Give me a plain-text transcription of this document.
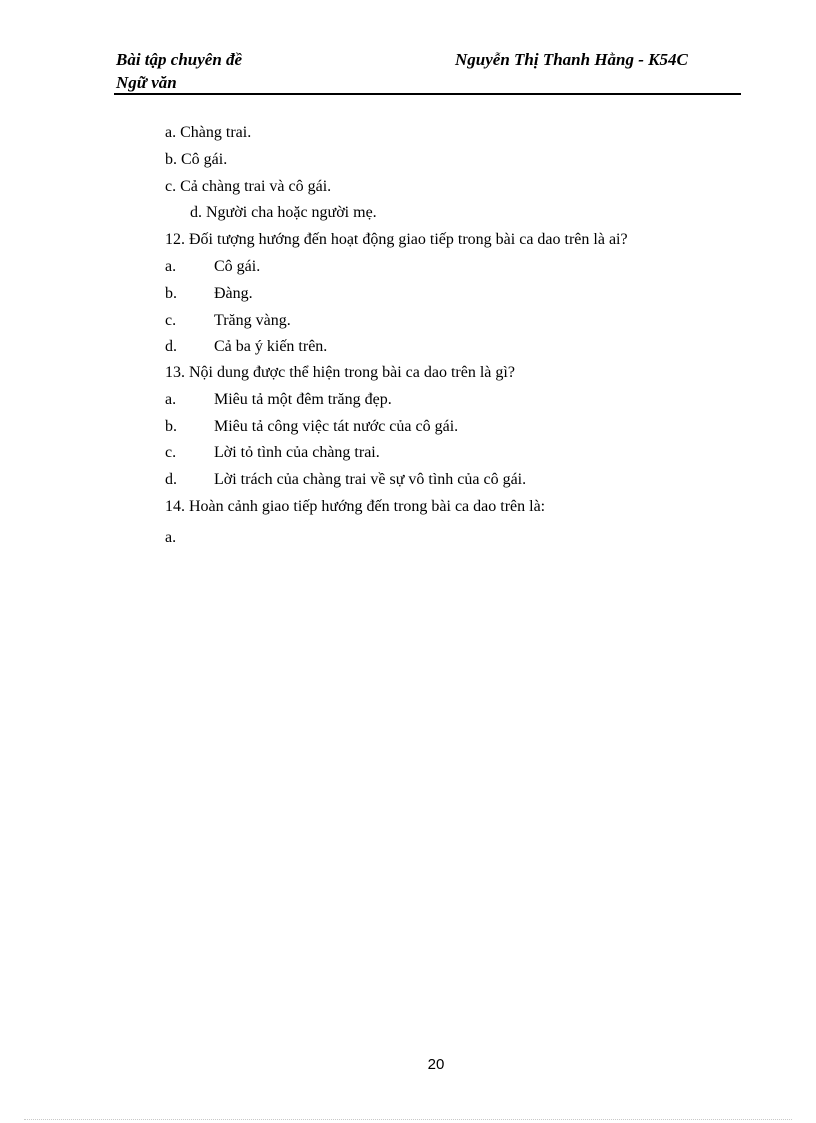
Bài tập chuyên đề
Ngữ văn
Nguyễn Thị Thanh Hằng - K54C
a. Chàng trai.
b. Cô gái.
c. Cả chàng trai và cô gái.
d. Người cha hoặc người mẹ.
12. Đối tượng hướng đến hoạt động giao tiếp trong bài ca dao trên là ai?
a. Cô gái.
b. Đàng.
c. Trăng vàng.
d. Cả ba ý kiến trên.
13. Nội dung được thể hiện trong bài ca dao trên là gì?
a. Miêu tả một đêm trăng đẹp.
b. Miêu tả công việc tát nước của cô gái.
c. Lời tỏ tình của chàng trai.
d. Lời trách của chàng trai về sự vô tình của cô gái.
14. Hoàn cảnh giao tiếp hướng đến trong bài ca dao trên là:
a.
20
